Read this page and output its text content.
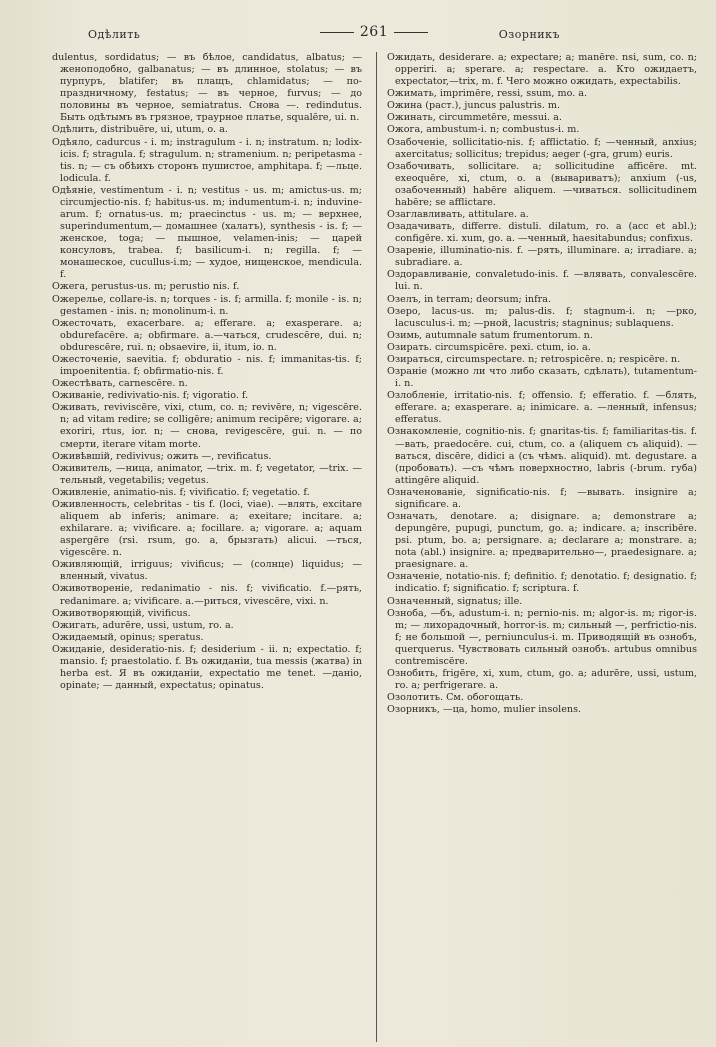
Одѣлить	261	Озорникъ

dulentus, sordidatus; — въ бѣлое, candidatus, albatus; —женоподобно, galbanatus; — въ длинное, stolatus; — въ пурпуръ, blatifer; въ плащъ, chlamidatus; — по-праздничному, festatus; — въ черное, furvus; — до половины въ черное, semiatratus. Снова —. redindutus. Быть одѣтымъ въ грязное, траурное платье, squalēre, ui. n.

Одѣлить, distribuēre, ui, utum, o. a.

Одѣяло, cadurcus - i. m; instragulum - i. n; instratum. n; lodix-icis. f; stragula. f; stragulum. n; stramenium. n; peripetasma - tis. n; — съ обѣихъ сторонъ пушистое, amphitapa. f; —льце. lodicula. f.

Одѣяніе, vestimentum - i. n; vestitus - us. m; amictus-us. m; circumjectio-nis. f; habitus-us. m; indumentum-i. n; induvine-arum. f; ornatus-us. m; praecinctus - us. m; — верхнее, superindumentum,— домашнее (халатъ), synthesis - is. f; — женское, toga; — пышное, velamen-inis; — царей консуловъ, trabea. f; basilicum-i. n; regilla. f; — монашеское, cucullus-i.m; — худое, нищенское, mendicula. f.

Ожега, perustus-us. m; perustio nis. f.

Ожерелье, collare-is. n; torques - is. f; armilla. f; monile - is. n; gestamen - inis. n; monolinum-i. n.

Ожесточать, exacerbare. a; efferare. a; exasperare. a; obdurefacēre. a; obfirmare. a.—чаться, crudescēre, dui. n; obdurescēre, rui. n; obsaevire, ii, itum, io. n.

Ожесточеніе, saevitia. f; obduratio - nis. f; immanitas-tis. f; impoenitentia. f; obfirmatio-nis. f.

Ожестѣвать, carnescēre. n.

Оживаніе, redivivatio-nis. f; vigoratio. f.

Оживать, reviviscēre, vixi, ctum, co. n; revivēre, n; vigescēre. n; ad vitam redire; se colligēre; animum recipēre; vigorare. a; exoriri, rtus, ior. n; — снова, revigescēre, gui. n. — по смерти, iterare vitam morte.

Оживѣвшій, redivivus; ожить —, revificatus.

Оживитель, —ница, animator, —trix. m. f; vegetator, —trix. —тельный, vegetabilis; vegetus.

Оживленіе, animatio-nis. f; vivificatio. f; vegetatio. f.

Оживленность, celebritas - tis f. (loci, viae). —влять, excitare aliquem ab inferis; animare. a; exeitare; incitare. a; exhilarare. a; vivificare. a; focillare. a; vigorare. a; aquam aspergēre (rsi. rsum, go. a, брызгать) alicui. —тъся, vigescēre. n.

Оживляющій, irriguus; vivificus; — (солнце) liquidus; —вленный, vivatus.

Оживотвореніе, redanimatio - nis. f; vivificatio. f.—рять, redanimare. a; vivificare. a.—риться, vivescēre, vixi. n.

Оживотворяющій, vivificus.

Ожигать, adurēre, ussi, ustum, ro. a.

Ожидаемый, opinus; speratus.

Ожиданіе, desideratio-nis. f; desiderium - ii. n; expectatio. f; mansio. f; praestolatio. f. Въ ожиданіи, tua messis (жатва) in herba est. Я въ ожиданіи, expectatio me tenet. —даніо, opinate; — данный, expectatus; opinatus.

Ожидать, desiderare. a; expectare; a; manēre. nsi, sum, co. n; opperiri. a; sperare. a; respectare. a. Кто ожидаетъ, expectator,—trix, m. f. Чего можно ожидать, expectabilis.

Ожимать, imprimēre, ressi, ssum, mo. a.

Ожина (раст.), juncus palustris. m.

Ожинать, circummetēre, messui. a.

Ожога, ambustum-i. n; combustus-i. m.

Озабоченіе, sollicitatio-nis. f; afflictatio. f; —ченный, anxius; axercitatus; sollicitus; trepidus; aeger (-gra, grum) euris.

Озабочивать, sollicitare. a; sollicitudine afficēre. mt. exeoquēre, xi, ctum, o. a (вывариватъ); anxium (-us, озабоченный) habēre aliquem. —чиваться. sollicitudinem habēre; se afflictare.

Озаглавливать, attitulare. a.

Озадачивать, differre. distuli. dilatum, ro. a (acc et abl.); configēre. xi. xum, go. a. —ченный, haesitabundus; confixus.

Озареніе, illuminatio-nis. f. —рять, illuminare. a; irradiare. a; subradiare. a.

Оздоравливаніе, convaletudo-inis. f. —влявать, convalescēre. lui. n.

Озелъ, in terram; deorsum; infra.

Озеро, lacus-us. m; palus-dis. f; stagnum-i. n; —рко, lacusculus-i. m; —рной, lacustris; stagninus; sublaquens.

Озимь, autumnale satum frumentorum. n.

Озирать. circumspicēre. pexi. ctum, io. a.

Озираться, circumspectare. n; retrospicēre. n; respicēre. n.

Озраніе (можно ли что либо сказать, сдѣлать), tutamentum-i. n.

Озлобленіе, irritatio-nis. f; offensio. f; efferatio. f. —блять, efferare. a; exasperare. a; inimicare. a. —ленный, infensus; efferatus.

Ознакомленіе, cognitio-nis. f; gnaritas-tis. f; familiaritas-tis. f. —вать, praedocēre. cui, ctum, co. a (aliquem съ aliquid). —ваться, discēre, didici a (съ чѣмъ. aliquid). mt. degustare. a (пробовать). —съ чѣмъ поверхностно, labris (-brum. губа) attingēre aliquid.

Означенованіе, significatio-nis. f; —вывать. insignire a; significare. a.

Означать, denotare. a; disignare. a; demonstrare a; depungēre, pupugi, punctum, go. a; indicare. a; inscribēre. psi. ptum, bo. a; persignare. a; declarare a; monstrare. a; nota (abl.) insignire. a; предварительно—, praedesignare. a; praesignare. a.

Означеніе, notatio-nis. f; definitio. f; denotatio. f; designatio. f; indicatio. f; significatio. f; scriptura. f.

Означенный, signatus; ille.

Озноба, —бъ, adustum-i. n; pernio-nis. m; algor-is. m; rigor-is. m; — лихорадочный, horror-is. m; сильный —, perfrictio-nis. f; не большой —, perniunculus-i. m. Приводящій въ ознобъ, querquerus. Чувствовать сильный ознобъ. artubus omnibus contremiscēre.

Ознобить, frigēre, xi, xum, ctum, go. a; adurēre, ussi, ustum, ro. a; perfrigerare. a.

Озолотить. См. обогощать.

Озорникъ, —ца, homo, mulier insolens.
